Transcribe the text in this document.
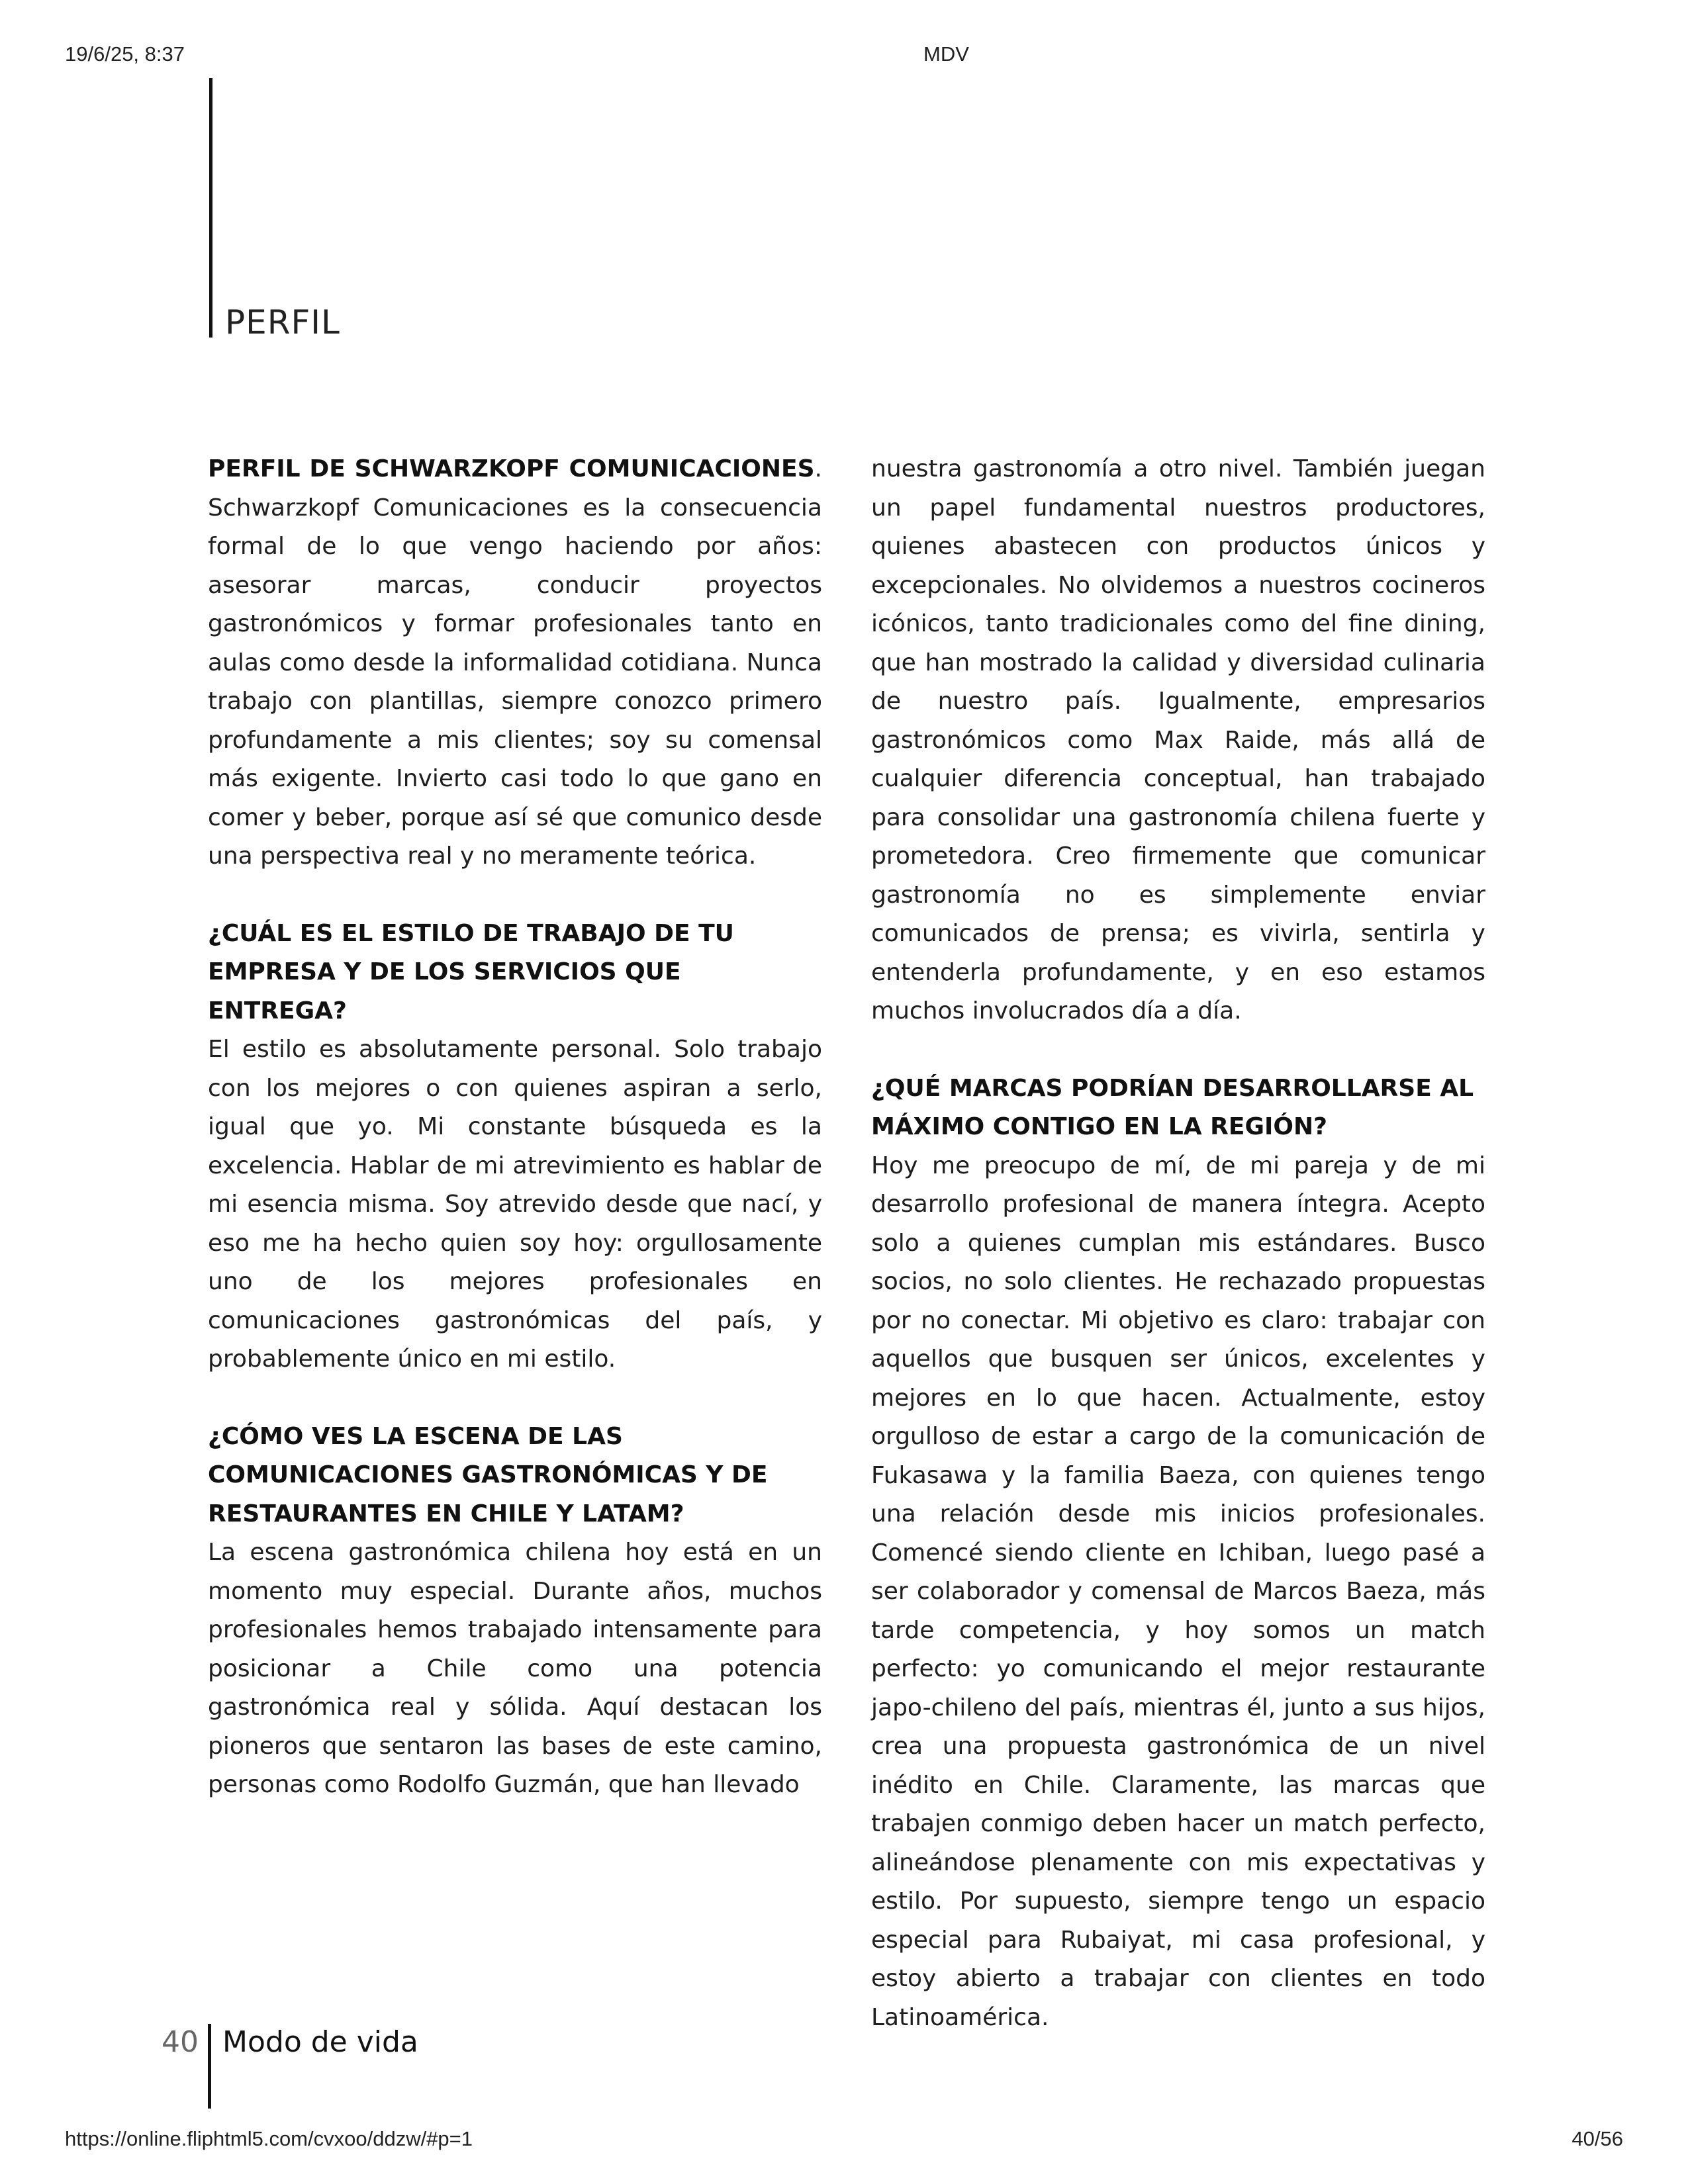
19/6/25, 8:37	MDV
PERFIL

PERFIL DE SCHWARZKOPF COMUNICACIONES. Schwarzkopf Comunicaciones es la consecuencia formal de lo que vengo haciendo por años: asesorar marcas, conducir proyectos gastronómicos y formar profesionales tanto en aulas como desde la informalidad cotidiana. Nunca trabajo con plantillas, siempre conozco primero profundamente a mis clientes; soy su comensal más exigente. Invierto casi todo lo que gano en comer y beber, porque así sé que comunico desde una perspectiva real y no meramente teórica.

¿CUÁL ES EL ESTILO DE TRABAJO DE TU EMPRESA Y DE LOS SERVICIOS QUE ENTREGA?

El estilo es absolutamente personal. Solo trabajo con los mejores o con quienes aspiran a serlo, igual que yo. Mi constante búsqueda es la excelencia. Hablar de mi atrevimiento es hablar de mi esencia misma. Soy atrevido desde que nací, y eso me ha hecho quien soy hoy: orgullosamente uno de los mejores profesionales en comunicaciones gastronómicas del país, y probablemente único en mi estilo.

¿CÓMO VES LA ESCENA DE LAS COMUNICACIONES GASTRONÓMICAS Y DE RESTAURANTES EN CHILE Y LATAM?

La escena gastronómica chilena hoy está en un momento muy especial. Durante años, muchos profesionales hemos trabajado intensamente para posicionar a Chile como una potencia gastronómica real y sólida. Aquí destacan los pioneros que sentaron las bases de este camino, personas como Rodolfo Guzmán, que han llevado

nuestra gastronomía a otro nivel. También juegan un papel fundamental nuestros productores, quienes abastecen con productos únicos y excepcionales. No olvidemos a nuestros cocineros icónicos, tanto tradicionales como del fine dining, que han mostrado la calidad y diversidad culinaria de nuestro país. Igualmente, empresarios gastronómicos como Max Raide, más allá de cualquier diferencia conceptual, han trabajado para consolidar una gastronomía chilena fuerte y prometedora. Creo firmemente que comunicar gastronomía no es simplemente enviar comunicados de prensa; es vivirla, sentirla y entenderla profundamente, y en eso estamos muchos involucrados día a día.

¿QUÉ MARCAS PODRÍAN DESARROLLARSE AL MÁXIMO CONTIGO EN LA REGIÓN?

Hoy me preocupo de mí, de mi pareja y de mi desarrollo profesional de manera íntegra. Acepto solo a quienes cumplan mis estándares. Busco socios, no solo clientes. He rechazado propuestas por no conectar. Mi objetivo es claro: trabajar con aquellos que busquen ser únicos, excelentes y mejores en lo que hacen. Actualmente, estoy orgulloso de estar a cargo de la comunicación de Fukasawa y la familia Baeza, con quienes tengo una relación desde mis inicios profesionales. Comencé siendo cliente en Ichiban, luego pasé a ser colaborador y comensal de Marcos Baeza, más tarde competencia, y hoy somos un match perfecto: yo comunicando el mejor restaurante japo-chileno del país, mientras él, junto a sus hijos, crea una propuesta gastronómica de un nivel inédito en Chile. Claramente, las marcas que trabajen conmigo deben hacer un match perfecto, alineándose plenamente con mis expectativas y estilo. Por supuesto, siempre tengo un espacio especial para Rubaiyat, mi casa profesional, y estoy abierto a trabajar con clientes en todo Latinoamérica.

40 Modo de vida
https://online.fliphtml5.com/cvxoo/ddzw/#p=1	40/56
